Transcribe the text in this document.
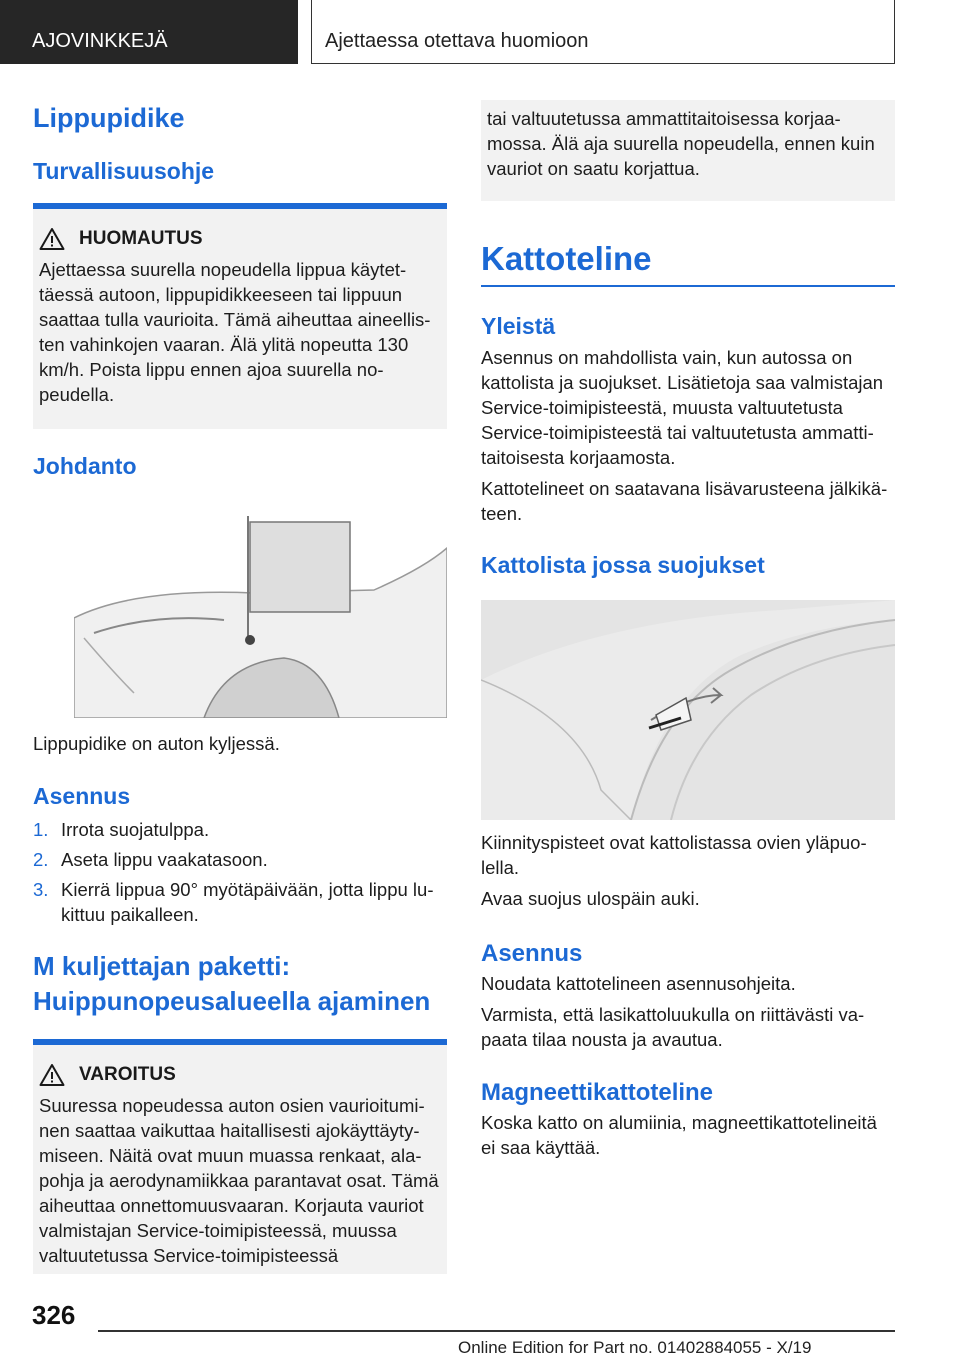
AJOVINKKEJÄ	Ajettaessa otettava huomioon
Lippupidike
Turvallisuusohje
HUOMAUTUS

Ajettaessa suurella nopeudella lippua käytet-täessä autoon, lippupidikkeeseen tai lippuun saattaa tulla vaurioita. Tämä aiheuttaa aineellis-ten vahinkojen vaaran. Älä ylitä nopeutta 130 km/h. Poista lippu ennen ajoa suurella no-peudella.

Johdanto

Lippupidike on auton kyljessä.

Asennus
1. Irrota suojatulppa.
2. Aseta lippu vaakatasoon.
3. Kierrä lippua 90° myötäpäivään, jotta lippu lu-kittuu paikalleen.
M kuljettajan paketti: Huippunopeusalueella ajaminen
VAROITUS

Suuressa nopeudessa auton osien vaurioitumi-nen saattaa vaikuttaa haitallisesti ajokäyttäyty-miseen. Näitä ovat muun muassa renkaat, ala-pohja ja aerodynamiikkaa parantavat osat. Tämä aiheuttaa onnettomuusvaaran. Korjauta vauriot valmistajan Service-toimipisteessä, muussa valtuutetussa Service-toimipisteessä

tai valtuutetussa ammattitaitoisessa korjaa-mossa. Älä aja suurella nopeudella, ennen kuin vauriot on saatu korjattua.

Kattoteline
Yleistä

Asennus on mahdollista vain, kun autossa on kattolista ja suojukset. Lisätietoja saa valmistajan Service-toimipisteestä, muusta valtuutetusta Service-toimipisteestä tai valtuutetusta ammatti-taitoisesta korjaamosta.

Kattotelineet on saatavana lisävarusteena jälkikä-teen.

Kattolista jossa suojukset

Kiinnityspisteet ovat kattolistassa ovien yläpuo-lella.

Avaa suojus ulospäin auki.

Asennus

Noudata kattotelineen asennusohjeita.

Varmista, että lasikattoluukulla on riittävästi va-paata tilaa nousta ja avautua.

Magneettikattoteline

Koska katto on alumiinia, magneettikattotelineitä ei saa käyttää.

326
Online Edition for Part no. 01402884055 - X/19
